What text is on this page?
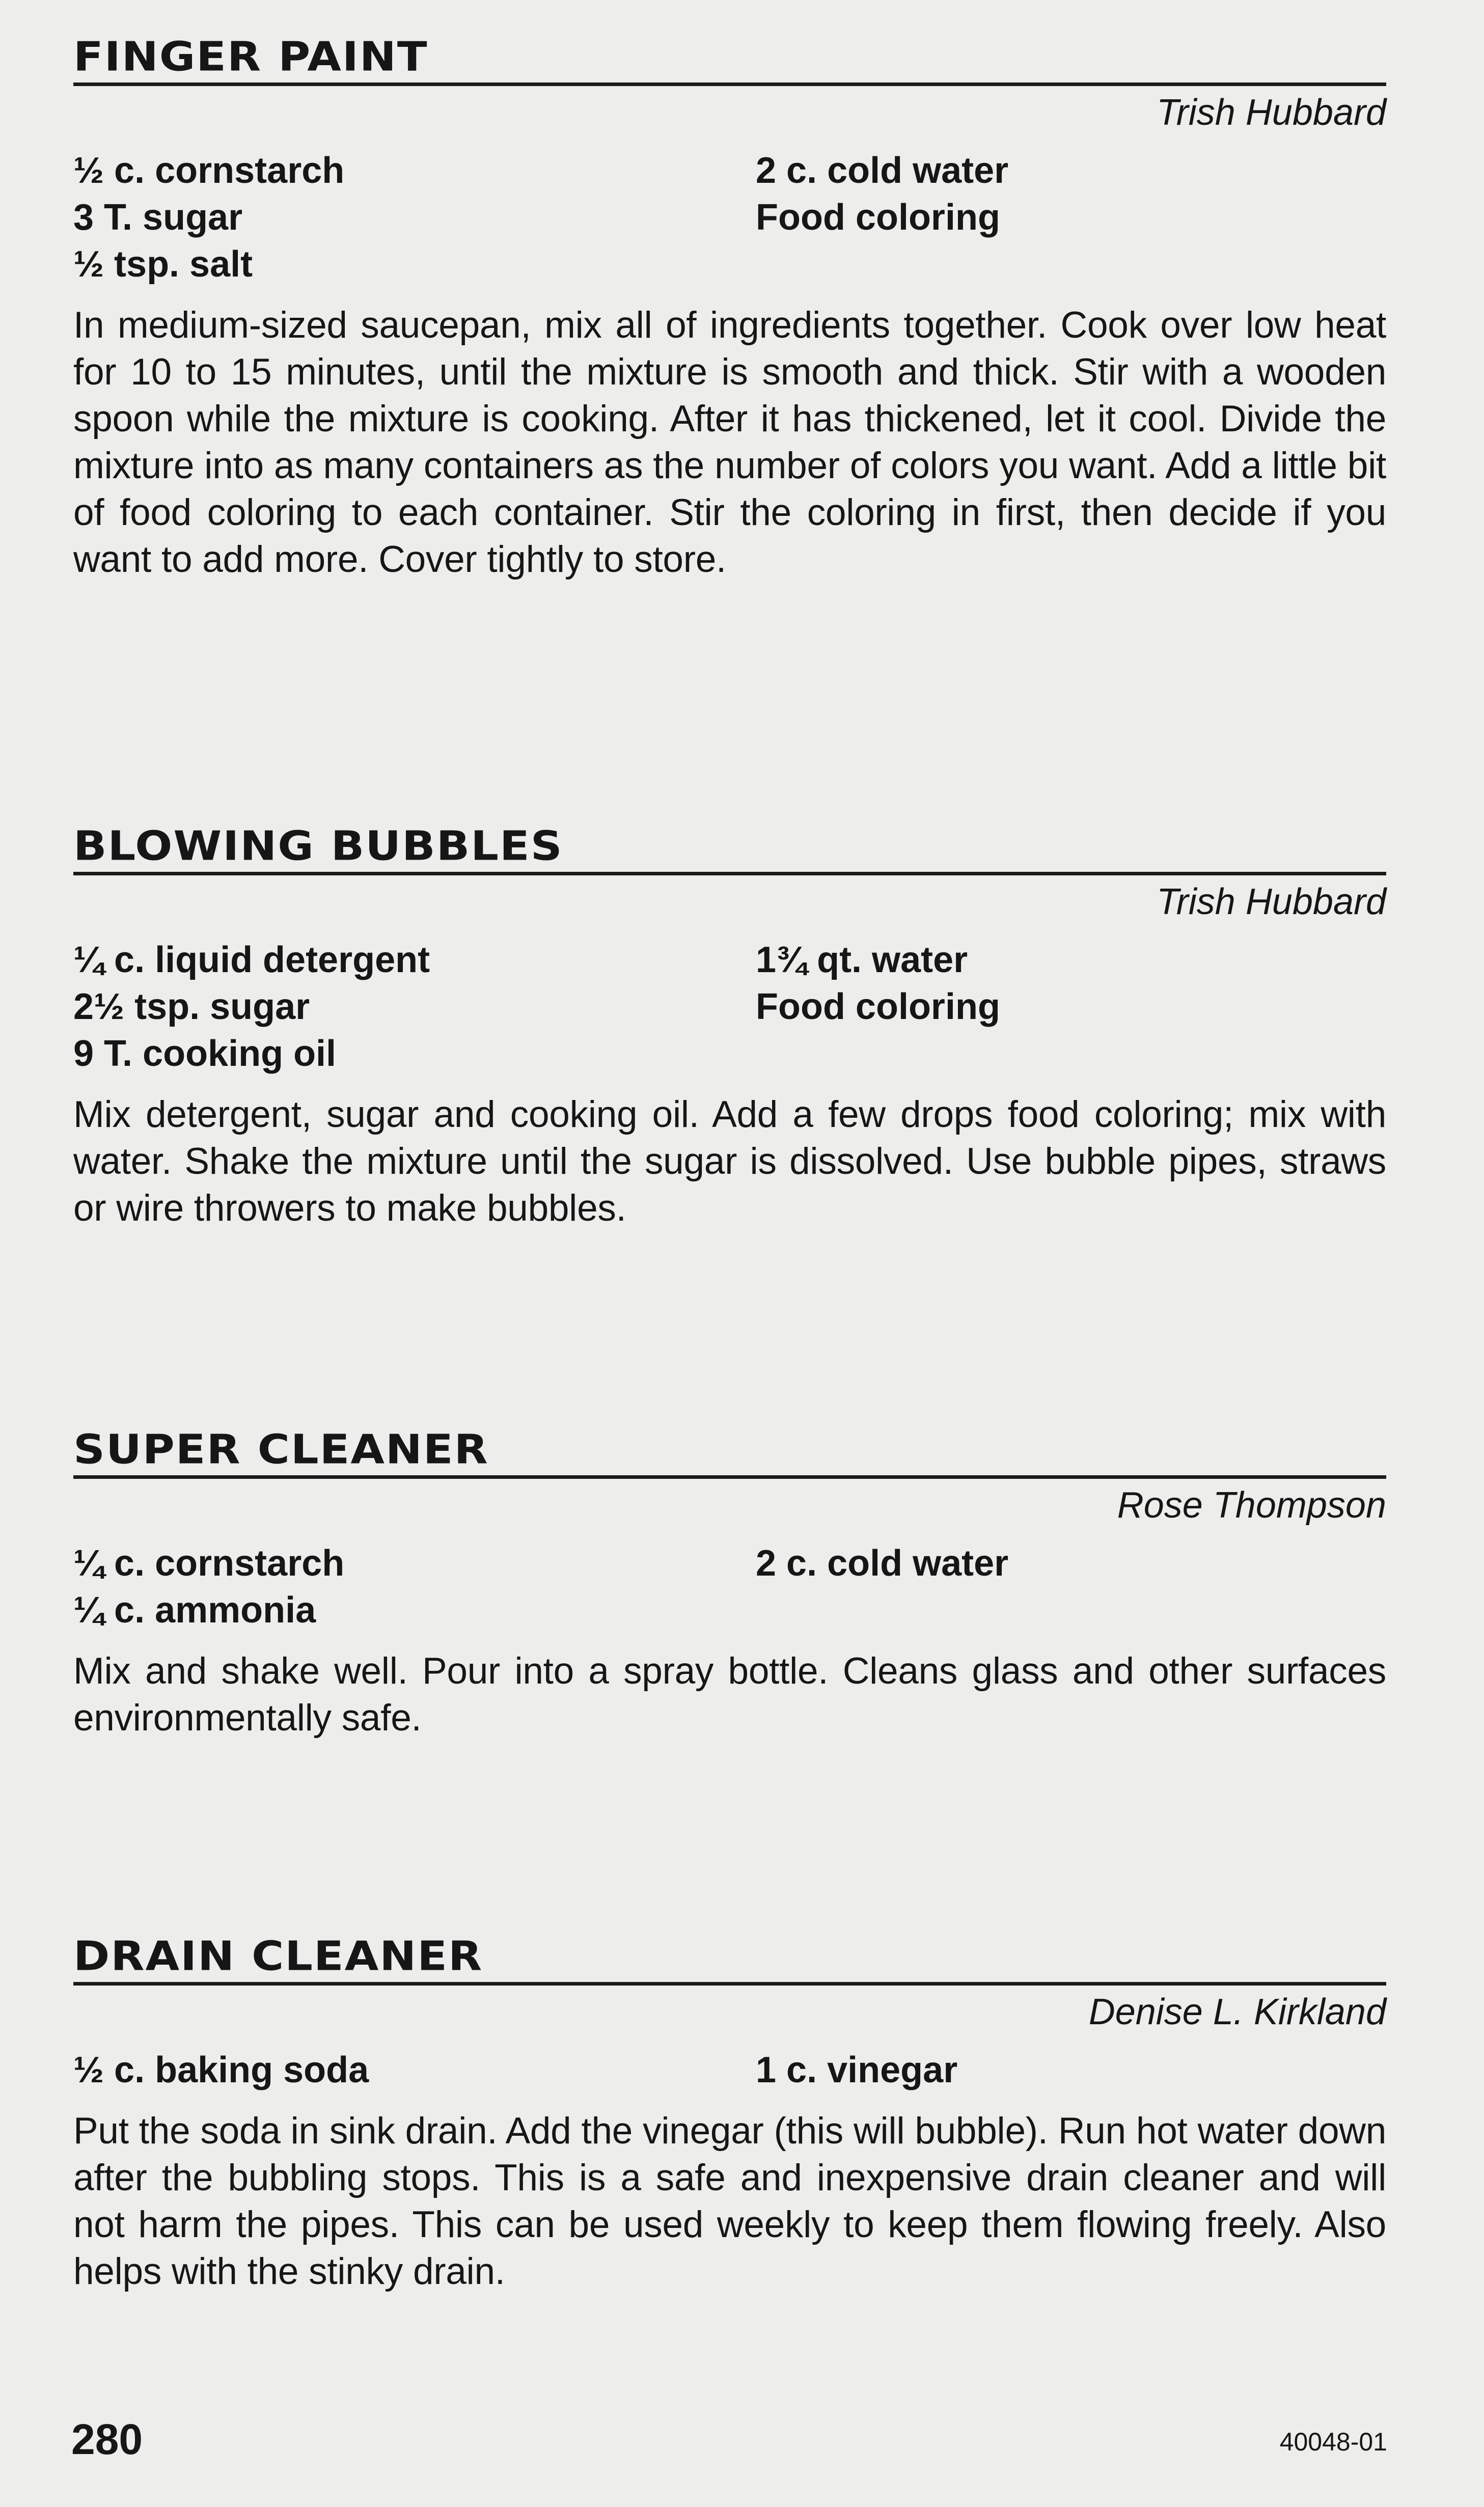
FINGER PAINT
Trish Hubbard
½ c. cornstarch	2 c. cold water
3 T. sugar	Food coloring
½ tsp. salt

In medium-sized saucepan, mix all of ingredients together. Cook over low heat for 10 to 15 minutes, until the mixture is smooth and thick. Stir with a wooden spoon while the mixture is cooking. After it has thickened, let it cool. Divide the mixture into as many containers as the number of colors you want. Add a little bit of food coloring to each container. Stir the coloring in first, then decide if you want to add more. Cover tightly to store.

BLOWING BUBBLES
Trish Hubbard
¼ c. liquid detergent	1¾ qt. water
2½ tsp. sugar	Food coloring
9 T. cooking oil

Mix detergent, sugar and cooking oil. Add a few drops food coloring; mix with water. Shake the mixture until the sugar is dissolved. Use bubble pipes, straws or wire throwers to make bubbles.

SUPER CLEANER
Rose Thompson
¼ c. cornstarch	2 c. cold water
¼ c. ammonia

Mix and shake well. Pour into a spray bottle. Cleans glass and other surfaces environmentally safe.

DRAIN CLEANER
Denise L. Kirkland
½ c. baking soda	1 c. vinegar

Put the soda in sink drain. Add the vinegar (this will bubble). Run hot water down after the bubbling stops. This is a safe and inexpensive drain cleaner and will not harm the pipes. This can be used weekly to keep them flowing freely. Also helps with the stinky drain.

280	40048-01
